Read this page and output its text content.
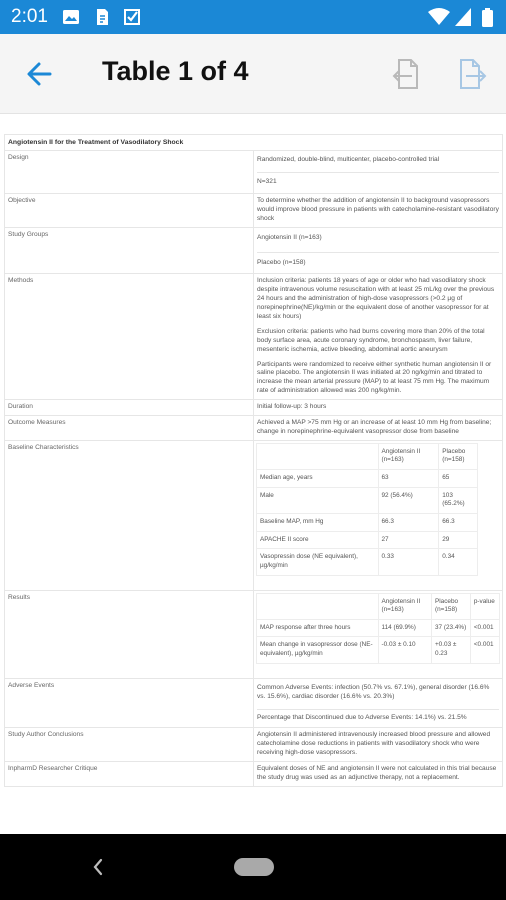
2:01
Table 1 of 4
Angiotensin II for the Treatment of Vasodilatory Shock
Design	Randomized, double-blind, multicenter, placebo-controlled trial
N=321

Objective	To determine whether the addition of angiotensin II to background vasopressors would improve blood pressure in patients with catecholamine-resistant vasodilatory shock
Study Groups	Angiotensin II (n=163)
Placebo (n=158)

Methods	Inclusion criteria: patients 18 years of age or older who had vasodilatory shock despite intravenous volume resuscitation with at least 25 mL/kg over the previous 24 hours and the administration of high-dose vasopressors (>0.2 µg of norepinephrine(NE)/kg/min or the equivalent dose of another vasopressor for at least six hours)
Exclusion criteria: patients who had burns covering more than 20% of the total body surface area, acute coronary syndrome, bronchospasm, liver failure, mesenteric ischemia, active bleeding, abdominal aortic aneurysm
Participants were randomized to receive either synthetic human angiotensin II or saline placebo. The angiotensin II was initiated at 20 ng/kg/min and titrated to increase the mean arterial pressure (MAP) to at least 75 mm Hg. The maximum rate of administration allowed was 200 ng/kg/min.

Duration	Initial follow-up: 3 hours
Outcome Measures	Achieved a MAP >75 mm Hg or an increase of at least 10 mm Hg from baseline; change in norepinephrine-equivalent vasopressor dose from baseline
Baseline Characteristics	
	Angiotensin II (n=163)	Placebo (n=158)	
Median age, years	63	65	
Male	92 (56.4%)	103 (65.2%)	
Baseline MAP, mm Hg	66.3	66.3	
APACHE II score	27	29	
Vasopressin dose (NE equivalent), µg/kg/min	0.33	0.34	

Results	
	Angiotensin II (n=163)	Placebo (n=158)	p-value
MAP response after three hours	114 (69.9%)	37 (23.4%)	<0.001
Mean change in vasopressor dose (NE-equivalent), µg/kg/min	-0.03 ± 0.10	+0.03 ± 0.23	<0.001

Adverse Events	Common Adverse Events: infection (50.7% vs. 67.1%), general disorder (16.6% vs. 15.6%), cardiac disorder (16.6% vs. 20.3%)
Percentage that Discontinued due to Adverse Events: 14.1%) vs. 21.5%

Study Author Conclusions	Angiotensin II administered intravenously increased blood pressure and allowed catecholamine dose reductions in patients with vasodilatory shock who were receiving high-dose vasopressors.
InpharmD Researcher Critique	Equivalent doses of NE and angiotensin II were not calculated in this trial because the study drug was used as an adjunctive therapy, not a replacement.
